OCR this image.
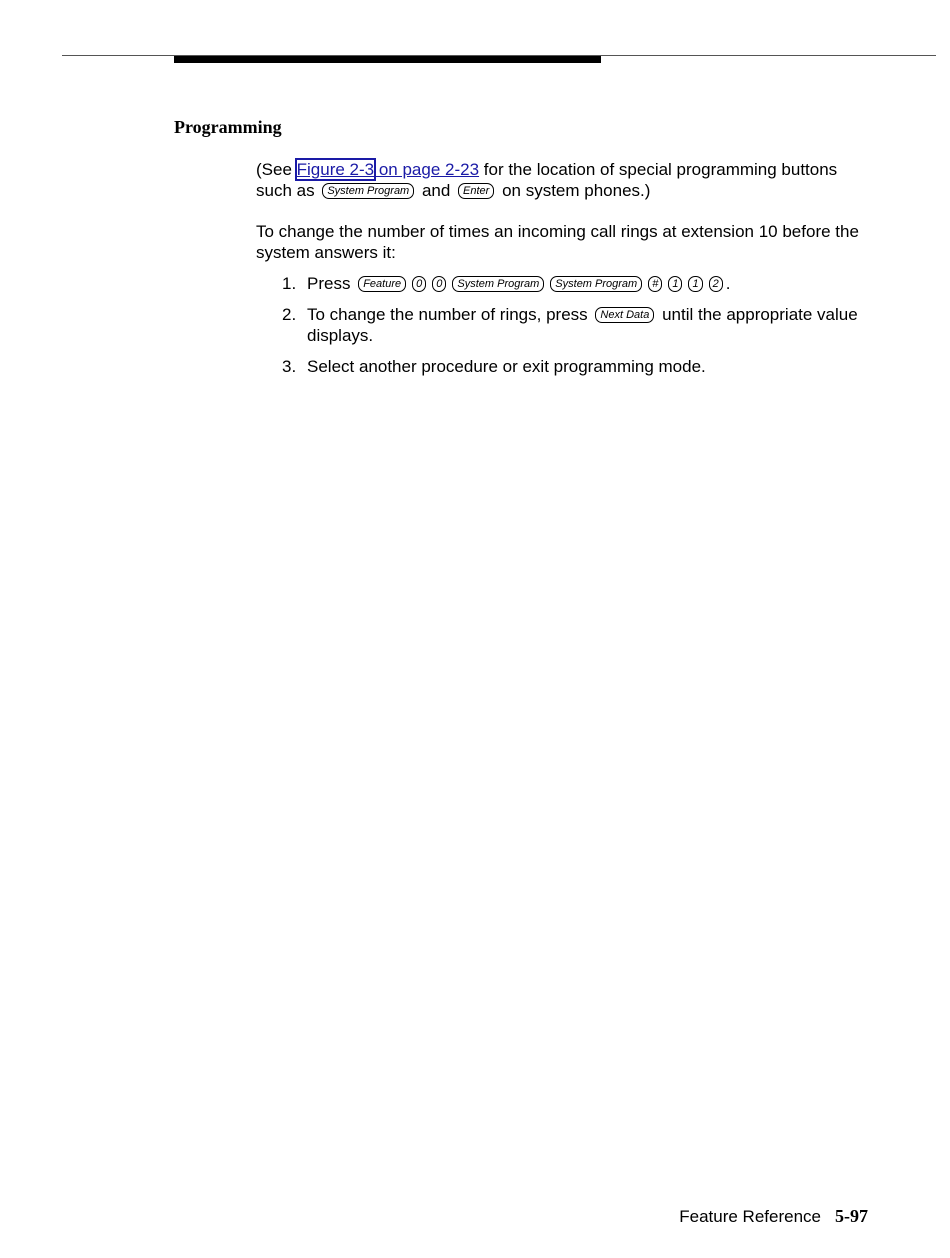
Programming

(See Figure 2-3 on page 2-23 for the location of special programming buttons such as System Program and Enter on system phones.)

To change the number of times an incoming call rings at extension 10 before the system answers it:

1. Press Feature 0 0 System Program System Program # 1 1 2 .
2. To change the number of rings, press Next Data until the appropriate value displays.
3. Select another procedure or exit programming mode.
Feature Reference 5-97
